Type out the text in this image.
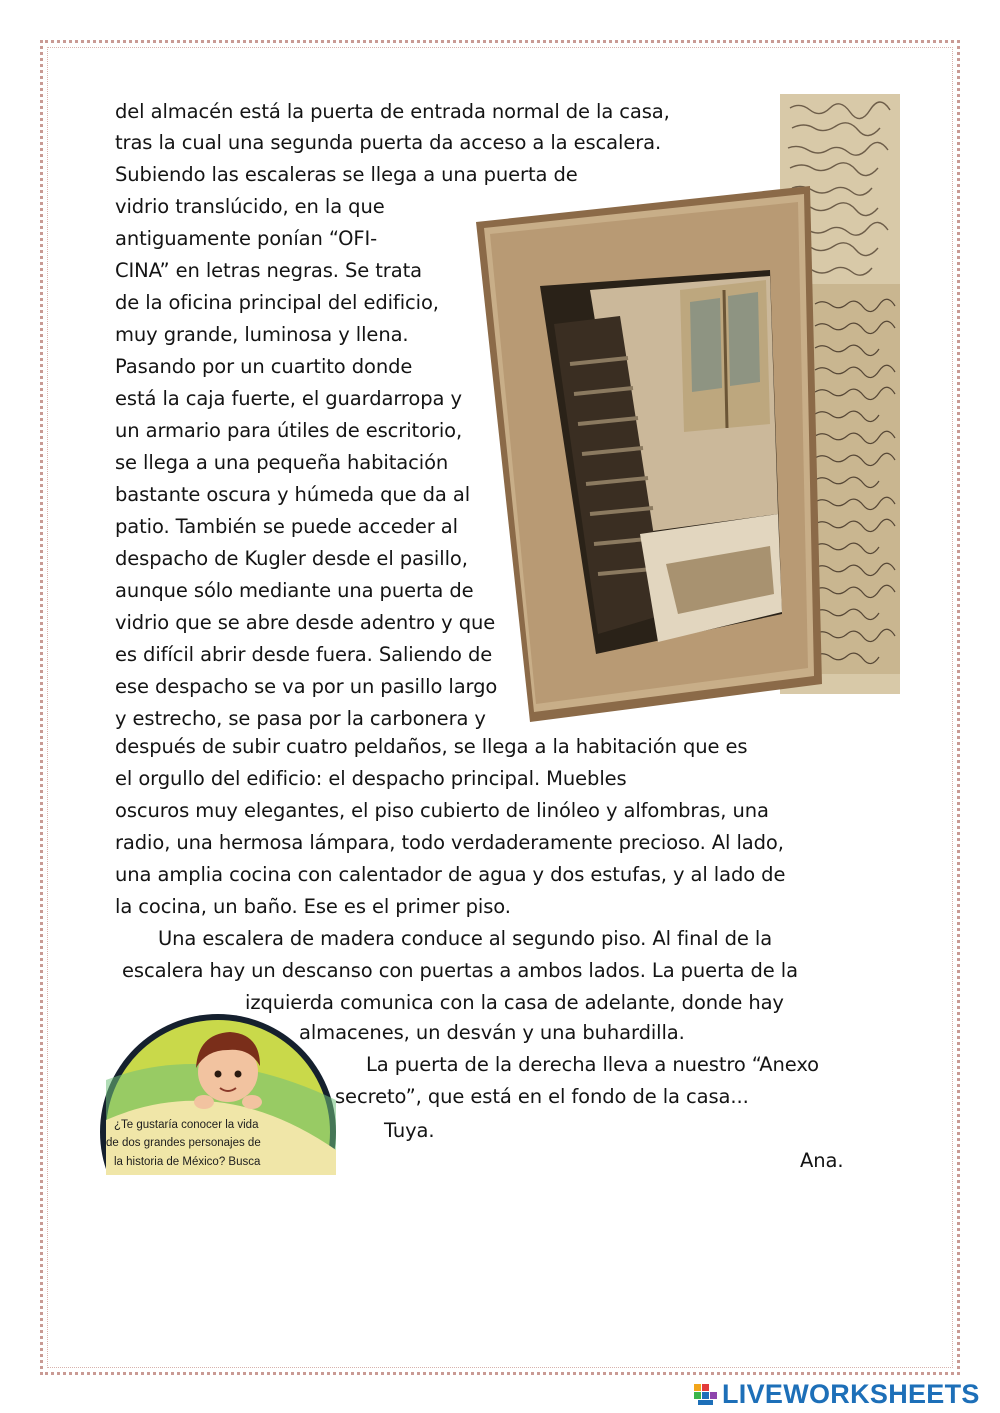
¿Te gustaría conocer la vida
de dos grandes personajes de
la historia de México? Busca
del almacén está la puerta de entrada normal de la casa,
tras la cual una segunda puerta da acceso a la escalera.
Subiendo las escaleras se llega a una puerta de
vidrio translúcido, en la que
antiguamente ponían “OFI-
CINA” en letras negras. Se trata
de la oficina principal del edificio,
muy grande, luminosa y llena.
Pasando por un cuartito donde
está la caja fuerte, el guardarropa y
un armario para útiles de escritorio,
se llega a una pequeña habitación
bastante oscura y húmeda que da al
patio. También se puede acceder al
despacho de Kugler desde el pasillo,
aunque sólo mediante una puerta de
vidrio que se abre desde adentro y que
es difícil abrir desde fuera. Saliendo de
ese despacho se va por un pasillo largo
y estrecho, se pasa por la carbonera y
después de subir cuatro peldaños, se llega a la habitación que es
el orgullo del edificio: el despacho principal. Muebles
oscuros muy elegantes, el piso cubierto de linóleo y alfombras, una
radio, una hermosa lámpara, todo verdaderamente precioso. Al lado,
una amplia cocina con calentador de agua y dos estufas, y al lado de
la cocina, un baño. Ese es el primer piso.
Una escalera de madera conduce al segundo piso. Al final de la
escalera hay un descanso con puertas a ambos lados. La puerta de la
izquierda comunica con la casa de adelante, donde hay
almacenes, un desván y una buhardilla.
La puerta de la derecha lleva a nuestro “Anexo
secreto”, que está en el fondo de la casa...
Tuya.
Ana.
LIVEWORKSHEETS
